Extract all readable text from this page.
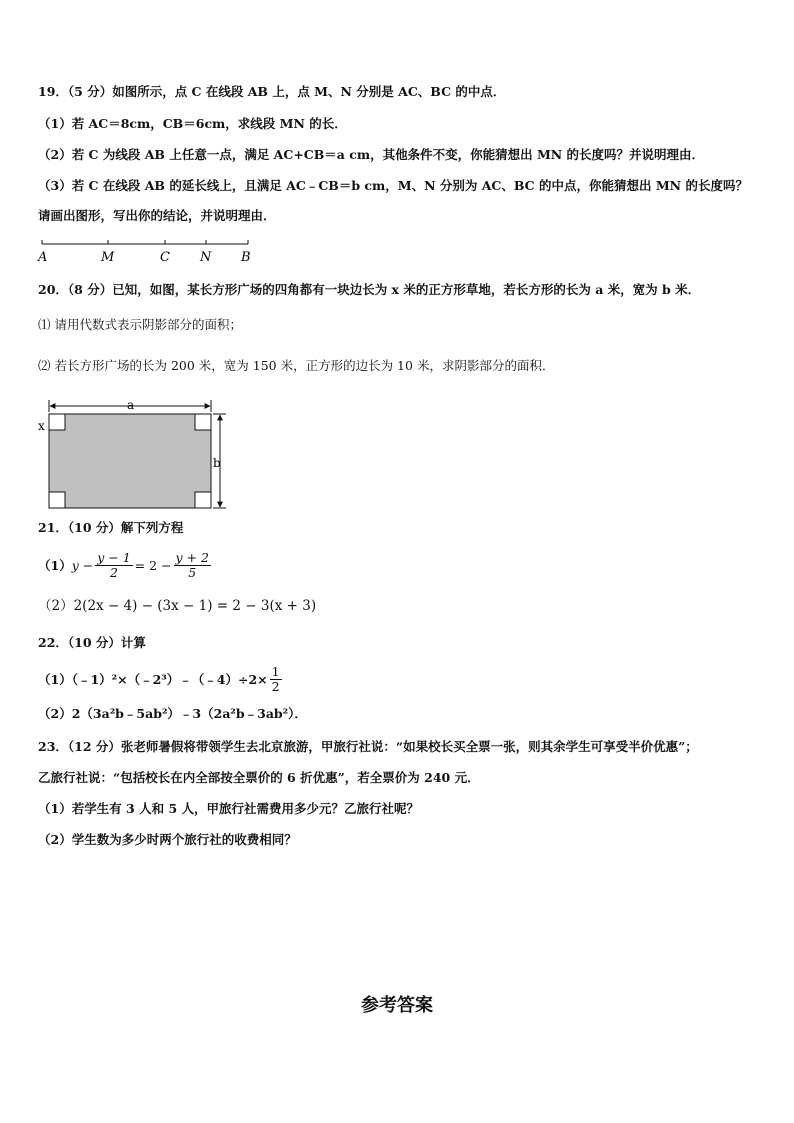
19．（5 分）如图所示，点 C 在线段 AB 上，点 M、N 分别是 AC、BC 的中点．
（1）若 AC＝8cm，CB＝6cm，求线段 MN 的长．
（2）若 C 为线段 AB 上任意一点，满足 AC+CB＝a cm，其他条件不变，你能猜想出 MN 的长度吗？并说明理由．
（3）若 C 在线段 AB 的延长线上，且满足 AC﹣CB＝b cm，M、N 分别为 AC、BC 的中点，你能猜想出 MN 的长度吗？
请画出图形，写出你的结论，并说明理由．
A	M	C N B
20．（8 分）已知，如图，某长方形广场的四角都有一块边长为 x 米的正方形草地，若长方形的长为 a 米，宽为 b 米．
⑴ 请用代数式表示阴影部分的面积；
⑵ 若长方形广场的长为 200 米，宽为 150 米，正方形的边长为 10 米，求阴影部分的面积．
a
b
x
21．（10 分）解下列方程
（1） $y - \frac{y - 1}{2} = 2 - \frac{y + 2}{5}$
（2）2(2x − 4) − (3x − 1) = 2 − 3(x + 3)
22．（10 分）计算
（1）（﹣1）²×（﹣2³）﹣（﹣4）÷2× $\frac{1}{2}$
（2）2（3a²b﹣5ab²）﹣3（2a²b﹣3ab²）．
23．（12 分）张老师暑假将带领学生去北京旅游，甲旅行社说：“如果校长买全票一张，则其余学生可享受半价优惠”；
乙旅行社说：“包括校长在内全部按全票价的 6 折优惠”，若全票价为 240 元．
（1）若学生有 3 人和 5 人，甲旅行社需费用多少元？乙旅行社呢？
（2）学生数为多少时两个旅行社的收费相同？
参考答案
